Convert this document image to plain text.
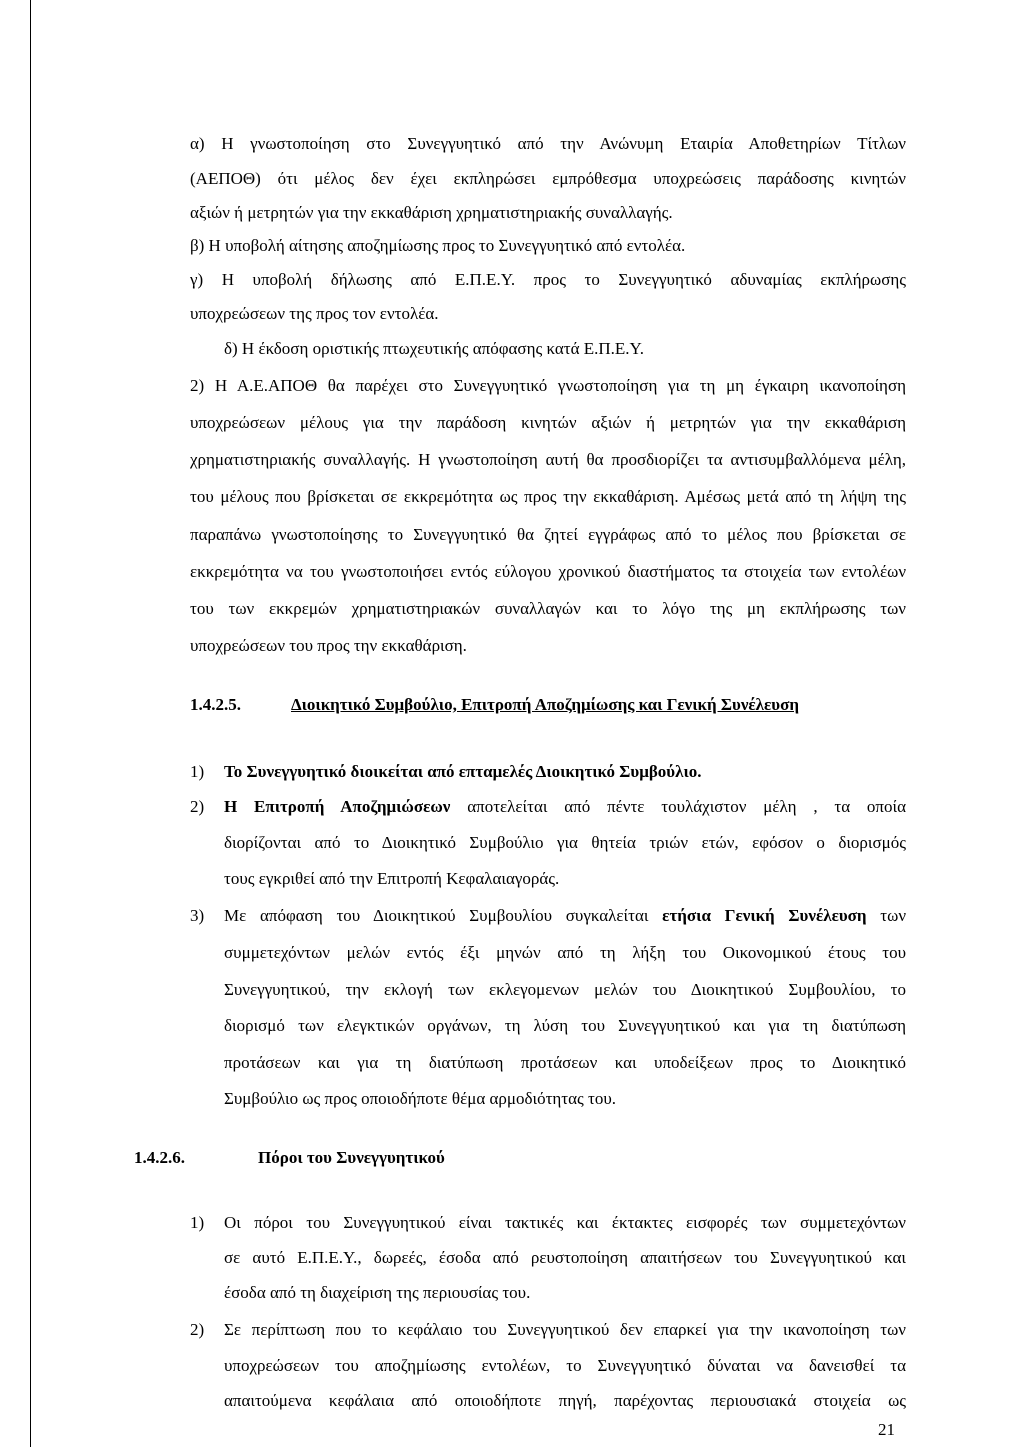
α) Η γνωστοποίηση στο Συνεγγυητικό από την Ανώνυμη Εταιρία Αποθετηρίων Τίτλων
(ΑΕΠΟΘ) ότι μέλος δεν έχει εκπληρώσει εμπρόθεσμα υποχρεώσεις παράδοσης κινητών
αξιών ή μετρητών για την εκκαθάριση χρηματιστηριακής συναλλαγής.
β) Η υποβολή αίτησης αποζημίωσης προς το Συνεγγυητικό από εντολέα.
γ) Η υποβολή δήλωσης από Ε.Π.Ε.Υ. προς το Συνεγγυητικό αδυναμίας εκπλήρωσης
υποχρεώσεων της προς τον εντολέα.
δ) Η έκδοση οριστικής πτωχευτικής απόφασης κατά Ε.Π.Ε.Υ.
2) Η Α.Ε.ΑΠΟΘ θα παρέχει στο Συνεγγυητικό γνωστοποίηση για τη μη έγκαιρη ικανοποίηση
υποχρεώσεων μέλους για την παράδοση κινητών αξιών ή μετρητών για την εκκαθάριση
χρηματιστηριακής συναλλαγής. Η γνωστοποίηση αυτή θα προσδιορίζει τα αντισυμβαλλόμενα μέλη,
του μέλους που βρίσκεται σε εκκρεμότητα ως προς την εκκαθάριση. Αμέσως μετά από τη λήψη της
παραπάνω γνωστοποίησης το Συνεγγυητικό θα ζητεί εγγράφως από το μέλος που βρίσκεται σε
εκκρεμότητα να του γνωστοποιήσει εντός εύλογου χρονικού διαστήματος τα στοιχεία των εντολέων
του των εκκρεμών χρηματιστηριακών συναλλαγών και το λόγο της μη εκπλήρωσης των
υποχρεώσεων του προς την εκκαθάριση.
1.4.2.5.	Διοικητικό Συμβούλιο, Επιτροπή Αποζημίωσης και Γενική Συνέλευση
1) Το Συνεγγυητικό διοικείται από επταμελές Διοικητικό Συμβούλιο.
2) Η Επιτροπή Αποζημιώσεων αποτελείται από πέντε τουλάχιστον μέλη , τα οποία
διορίζονται από το Διοικητικό Συμβούλιο για θητεία τριών ετών, εφόσον ο διορισμός
τους εγκριθεί από την Επιτροπή Κεφαλαιαγοράς.
3) Με απόφαση του Διοικητικού Συμβουλίου συγκαλείται ετήσια Γενική Συνέλευση των
συμμετεχόντων μελών εντός έξι μηνών από τη λήξη του Οικονομικού έτους του
Συνεγγυητικού, την εκλογή των εκλεγομενων μελών του Διοικητικού Συμβουλίου, το
διορισμό των ελεγκτικών οργάνων, τη λύση του Συνεγγυητικού και για τη διατύπωση
προτάσεων και για τη διατύπωση προτάσεων και υποδείξεων προς το Διοικητικό
Συμβούλιο ως προς οποιοδήποτε θέμα αρμοδιότητας του.
1.4.2.6.	Πόροι του Συνεγγυητικού
1) Οι πόροι του Συνεγγυητικού είναι τακτικές και έκτακτες εισφορές των συμμετεχόντων
σε αυτό Ε.Π.Ε.Υ., δωρεές, έσοδα από ρευστοποίηση απαιτήσεων του Συνεγγυητικού και
έσοδα από τη διαχείριση της περιουσίας του.
2) Σε περίπτωση που το κεφάλαιο του Συνεγγυητικού δεν επαρκεί για την ικανοποίηση των
υποχρεώσεων του αποζημίωσης εντολέων, το Συνεγγυητικό δύναται να δανεισθεί τα
απαιτούμενα κεφάλαια από οποιοδήποτε πηγή, παρέχοντας περιουσιακά στοιχεία ως
21
